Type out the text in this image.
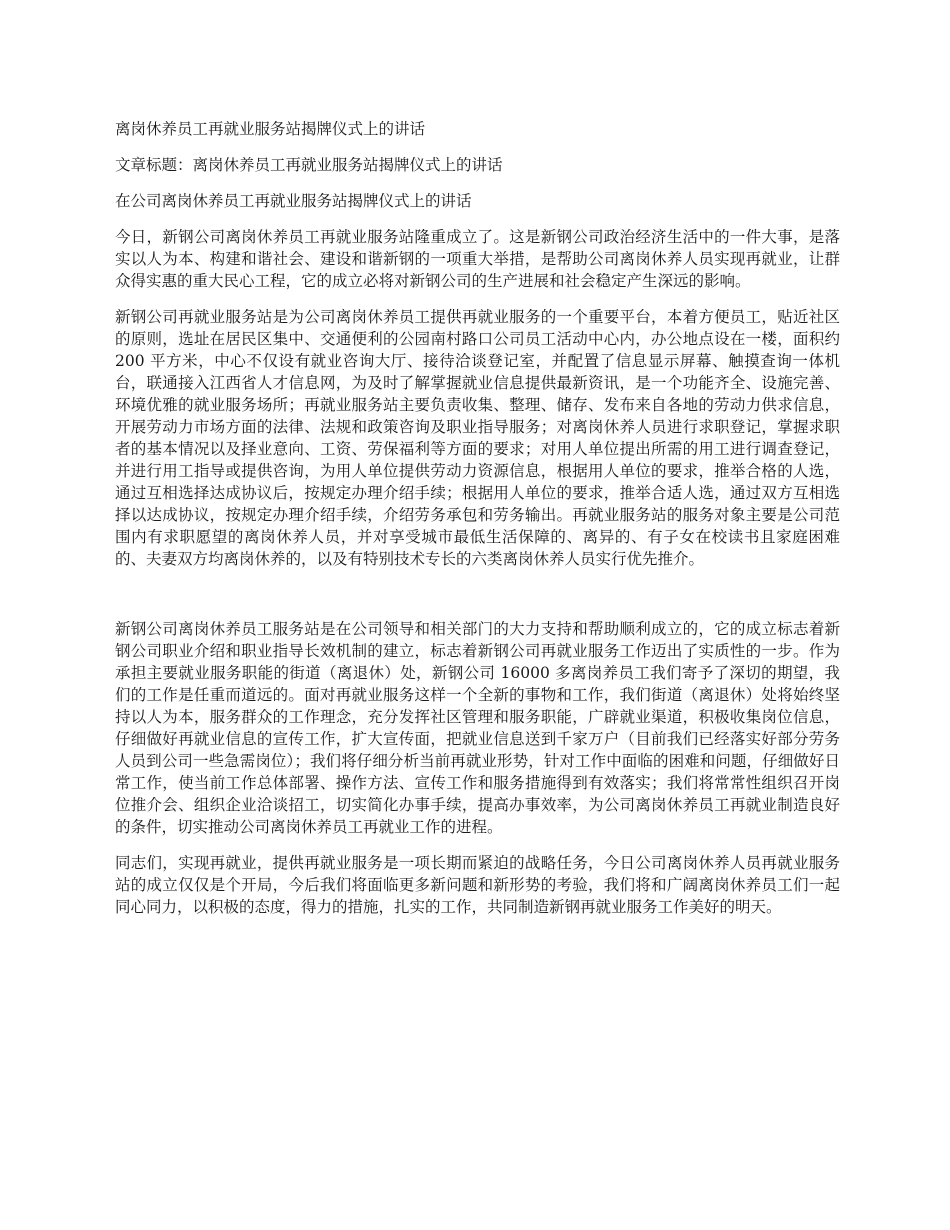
离岗休养员工再就业服务站揭牌仪式上的讲话

文章标题：离岗休养员工再就业服务站揭牌仪式上的讲话

在公司离岗休养员工再就业服务站揭牌仪式上的讲话

今日，新钢公司离岗休养员工再就业服务站隆重成立了。这是新钢公司政治经济生活中的一件大事，是落实以人为本、构建和谐社会、建设和谐新钢的一项重大举措，是帮助公司离岗休养人员实现再就业，让群众得实惠的重大民心工程，它的成立必将对新钢公司的生产进展和社会稳定产生深远的影响。

新钢公司再就业服务站是为公司离岗休养员工提供再就业服务的一个重要平台，本着方便员工，贴近社区的原则，选址在居民区集中、交通便利的公园南村路口公司员工活动中心内，办公地点设在一楼，面积约 200 平方米，中心不仅设有就业咨询大厅、接待洽谈登记室，并配置了信息显示屏幕、触摸查询一体机台，联通接入江西省人才信息网，为及时了解掌握就业信息提供最新资讯，是一个功能齐全、设施完善、环境优雅的就业服务场所；再就业服务站主要负责收集、整理、储存、发布来自各地的劳动力供求信息，开展劳动力市场方面的法律、法规和政策咨询及职业指导服务；对离岗休养人员进行求职登记，掌握求职者的基本情况以及择业意向、工资、劳保福利等方面的要求；对用人单位提出所需的用工进行调查登记，并进行用工指导或提供咨询，为用人单位提供劳动力资源信息，根据用人单位的要求，推举合格的人选，通过互相选择达成协议后，按规定办理介绍手续；根据用人单位的要求，推举合适人选，通过双方互相选择以达成协议，按规定办理介绍手续，介绍劳务承包和劳务输出。再就业服务站的服务对象主要是公司范围内有求职愿望的离岗休养人员，并对享受城市最低生活保障的、离异的、有子女在校读书且家庭困难的、夫妻双方均离岗休养的，以及有特别技术专长的六类离岗休养人员实行优先推介。

新钢公司离岗休养员工服务站是在公司领导和相关部门的大力支持和帮助顺利成立的，它的成立标志着新钢公司职业介绍和职业指导长效机制的建立，标志着新钢公司再就业服务工作迈出了实质性的一步。作为承担主要就业服务职能的街道（离退休）处，新钢公司 16000 多离岗养员工我们寄予了深切的期望，我们的工作是任重而道远的。面对再就业服务这样一个全新的事物和工作，我们街道（离退休）处将始终坚持以人为本，服务群众的工作理念，充分发挥社区管理和服务职能，广辟就业渠道，积极收集岗位信息，仔细做好再就业信息的宣传工作，扩大宣传面，把就业信息送到千家万户（目前我们已经落实好部分劳务人员到公司一些急需岗位）；我们将仔细分析当前再就业形势，针对工作中面临的困难和问题，仔细做好日常工作，使当前工作总体部署、操作方法、宣传工作和服务措施得到有效落实；我们将常常性组织召开岗位推介会、组织企业洽谈招工，切实简化办事手续，提高办事效率，为公司离岗休养员工再就业制造良好的条件，切实推动公司离岗休养员工再就业工作的进程。

同志们，实现再就业，提供再就业服务是一项长期而紧迫的战略任务，今日公司离岗休养人员再就业服务站的成立仅仅是个开局，今后我们将面临更多新问题和新形势的考验，我们将和广阔离岗休养员工们一起同心同力，以积极的态度，得力的措施，扎实的工作，共同制造新钢再就业服务工作美好的明天。
